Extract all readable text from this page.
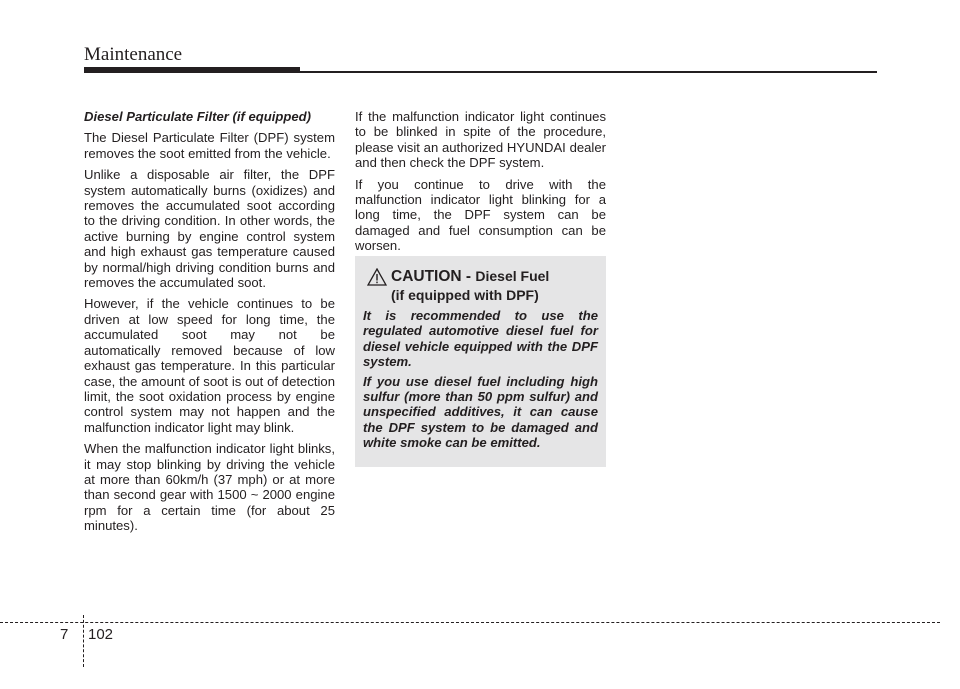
Maintenance

Diesel Particulate Filter (if equipped)

The Diesel Particulate Filter (DPF) system removes the soot emitted from the vehicle.

Unlike a disposable air filter, the DPF system automatically burns (oxidizes) and removes the accumulated soot according to the driving condition. In other words, the active burning by engine control system and high exhaust gas temperature caused by normal/high driving condition burns and removes the accumulated soot.

However, if the vehicle continues to be driven at low speed for long time, the accumulated soot may not be automatically removed because of low exhaust gas temperature. In this particular case, the amount of soot is out of detection limit, the soot oxidation process by engine control system may not happen and the malfunction indicator light may blink.

When the malfunction indicator light blinks, it may stop blinking by driving the vehicle at more than 60km/h (37 mph) or at more than second gear with 1500 ~ 2000 engine rpm for a certain time (for about 25 minutes).

If the malfunction indicator light continues to be blinked in spite of the procedure, please visit an authorized HYUNDAI dealer and then check the DPF system.

If you continue to drive with the malfunction indicator light blinking for a long time, the DPF system can be damaged and fuel consumption can be worsen.

CAUTION - Diesel Fuel
(if equipped with DPF)

It is recommended to use the regulated automotive diesel fuel for diesel vehicle equipped with the DPF system.

If you use diesel fuel including high sulfur (more than 50 ppm sulfur) and unspecified additives, it can cause the DPF system to be damaged and white smoke can be emitted.

7 102
